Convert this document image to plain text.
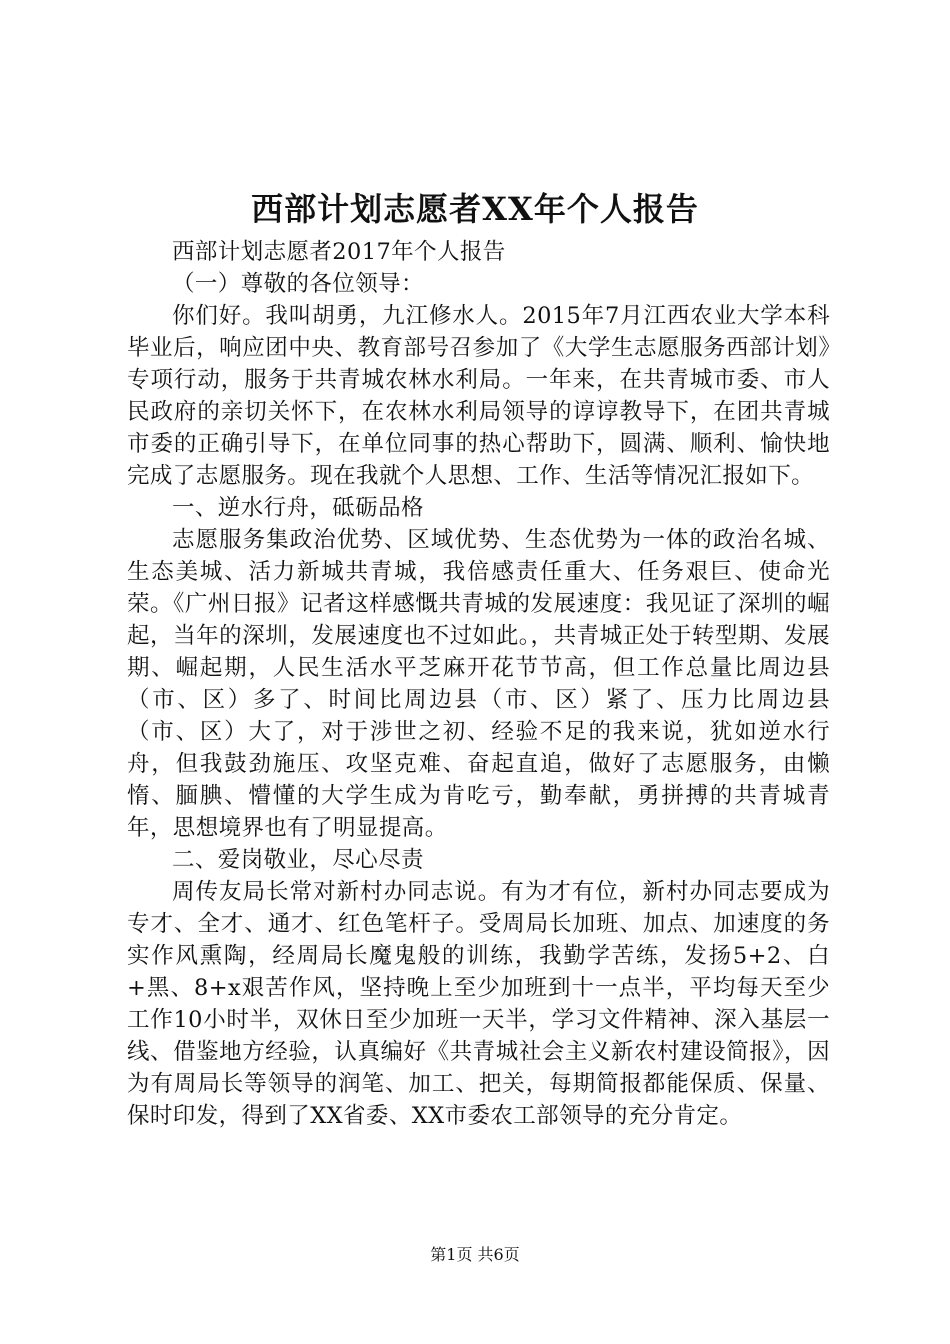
西部计划志愿者XX年个人报告

西部计划志愿者2017年个人报告

（一）尊敬的各位领导：

你们好。我叫胡勇，九江修水人。2015年7月江西农业大学本科毕业后，响应团中央、教育部号召参加了《大学生志愿服务西部计划》专项行动，服务于共青城农林水利局。一年来，在共青城市委、市人民政府的亲切关怀下，在农林水利局领导的谆谆教导下，在团共青城市委的正确引导下，在单位同事的热心帮助下，圆满、顺利、愉快地完成了志愿服务。现在我就个人思想、工作、生活等情况汇报如下。

一、逆水行舟，砥砺品格

志愿服务集政治优势、区域优势、生态优势为一体的政治名城、生态美城、活力新城共青城，我倍感责任重大、任务艰巨、使命光荣。《广州日报》记者这样感慨共青城的发展速度：我见证了深圳的崛起，当年的深圳，发展速度也不过如此。，共青城正处于转型期、发展期、崛起期，人民生活水平芝麻开花节节高，但工作总量比周边县（市、区）多了、时间比周边县（市、区）紧了、压力比周边县（市、区）大了，对于涉世之初、经验不足的我来说，犹如逆水行舟，但我鼓劲施压、攻坚克难、奋起直追，做好了志愿服务，由懒惰、腼腆、懵懂的大学生成为肯吃亏，勤奉献，勇拼搏的共青城青年，思想境界也有了明显提高。

二、爱岗敬业，尽心尽责

周传友局长常对新村办同志说。有为才有位，新村办同志要成为专才、全才、通才、红色笔杆子。受周局长加班、加点、加速度的务实作风熏陶，经周局长魔鬼般的训练，我勤学苦练，发扬5+2、白+黑、8+x艰苦作风，坚持晚上至少加班到十一点半，平均每天至少工作10小时半，双休日至少加班一天半，学习文件精神、深入基层一线、借鉴地方经验，认真编好《共青城社会主义新农村建设简报》，因为有周局长等领导的润笔、加工、把关，每期简报都能保质、保量、保时印发，得到了XX省委、XX市委农工部领导的充分肯定。

第1页 共6页
